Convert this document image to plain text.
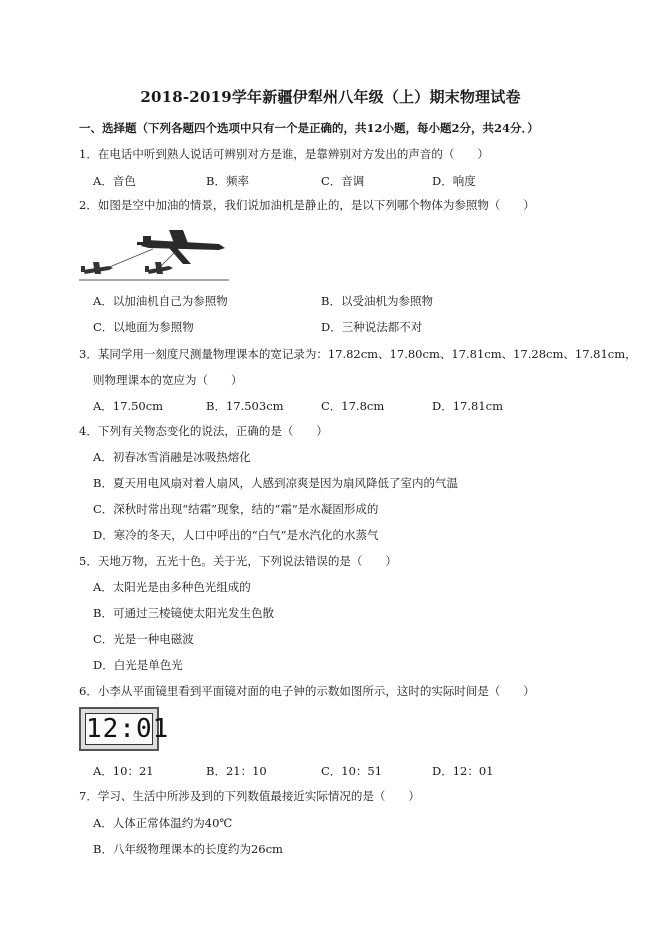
2018-2019学年新疆伊犁州八年级（上）期末物理试卷
一、选择题（下列各题四个选项中只有一个是正确的，共12小题，每小题2分，共24分．）
1．在电话中听到熟人说话可辨别对方是谁，是靠辨别对方发出的声音的（　　）
A．音色	B．频率	C．音调	D．响度
2．如图是空中加油的情景，我们说加油机是静止的，是以下列哪个物体为参照物（　　）
A．以加油机自己为参照物	B．以受油机为参照物
C．以地面为参照物	D．三种说法都不对
3．某同学用一刻度尺测量物理课本的宽记录为：17.82cm、17.80cm、17.81cm、17.28cm、17.81cm，
则物理课本的宽应为（　　）
A．17.50cm	B．17.503cm	C．17.8cm	D．17.81cm
4．下列有关物态变化的说法，正确的是（　　）
A．初春冰雪消融是冰吸热熔化
B．夏天用电风扇对着人扇风，人感到凉爽是因为扇风降低了室内的气温
C．深秋时常出现“结霜”现象，结的“霜”是水凝固形成的
D．寒冷的冬天，人口中呼出的“白气”是水汽化的水蒸气
5．天地万物，五光十色。关于光，下列说法错误的是（　　）
A．太阳光是由多种色光组成的
B．可通过三棱镜使太阳光发生色散
C．光是一种电磁波
D．白光是单色光
6．小李从平面镜里看到平面镜对面的电子钟的示数如图所示，这时的实际时间是（　　）
12:01
A．10：21	B．21：10	C．10：51	D．12：01
7．学习、生活中所涉及到的下列数值最接近实际情况的是（　　）
A．人体正常体温约为40℃
B．八年级物理课本的长度约为26cm
